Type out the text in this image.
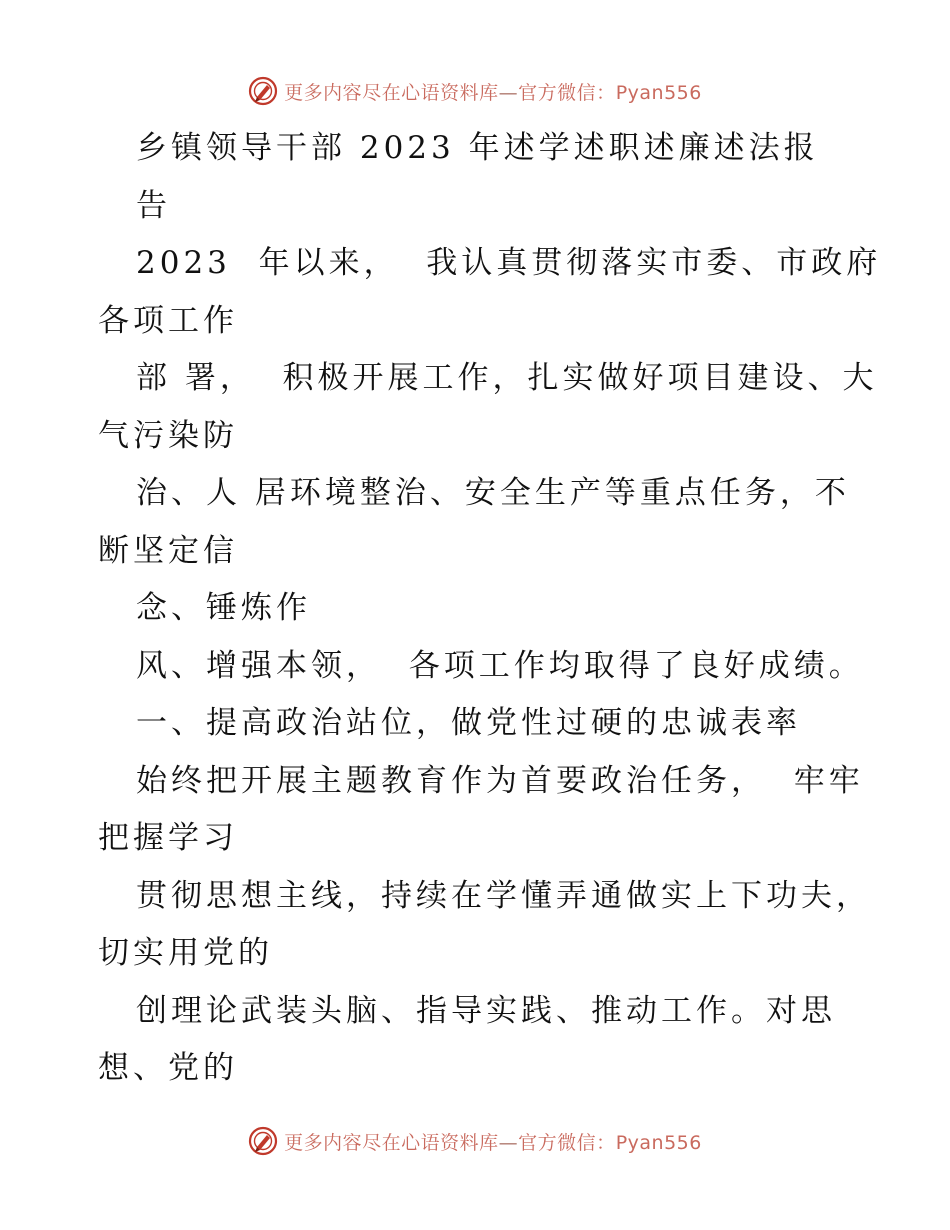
更多内容尽在心语资料库—官方微信：Pyan556
乡镇领导干部 2023 年述学述职述廉述法报
告
2023  年以来，  我认真贯彻落实市委、市政府
各项工作
部 署，  积极开展工作，扎实做好项目建设、大
气污染防
治、人 居环境整治、安全生产等重点任务，不
断坚定信
念、锤炼作
风、增强本领，  各项工作均取得了良好成绩。
一、提高政治站位，做党性过硬的忠诚表率
始终把开展主题教育作为首要政治任务，  牢牢
把握学习
贯彻思想主线，持续在学懂弄通做实上下功夫，
切实用党的
创理论武装头脑、指导实践、推动工作。对思
想、党的
更多内容尽在心语资料库—官方微信：Pyan556
